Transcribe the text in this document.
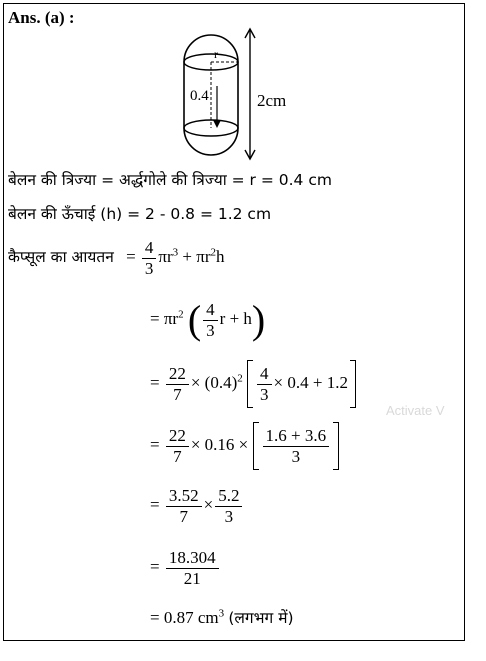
Ans. (a) :
r
0.4	2cm
बेलन की त्रिज्या = अर्द्धगोले की त्रिज्या = r = 0.4 cm
बेलन की ऊँचाई (h) = 2 - 0.8 = 1.2 cm
कैप्सूल का आयतन = $\frac{4}{3} \pi r^3 + \pi r^2h$
= $\pi r^2$ ( $\frac{4}{3}$ r + h)
= $\frac{22}{7} \times (0.4)^2 \frac{4}{3} \times 0.4 + 1.2$
= $\frac{22}{7} \times 0.16 \times \frac{1.6 + 3.6}{3}$
= $\frac{3.52}{7} \times \frac{5.2}{3}$
= $\frac{18.304}{21}$
= 0.87 $cm^3$ (लगभग में)
Activate V
